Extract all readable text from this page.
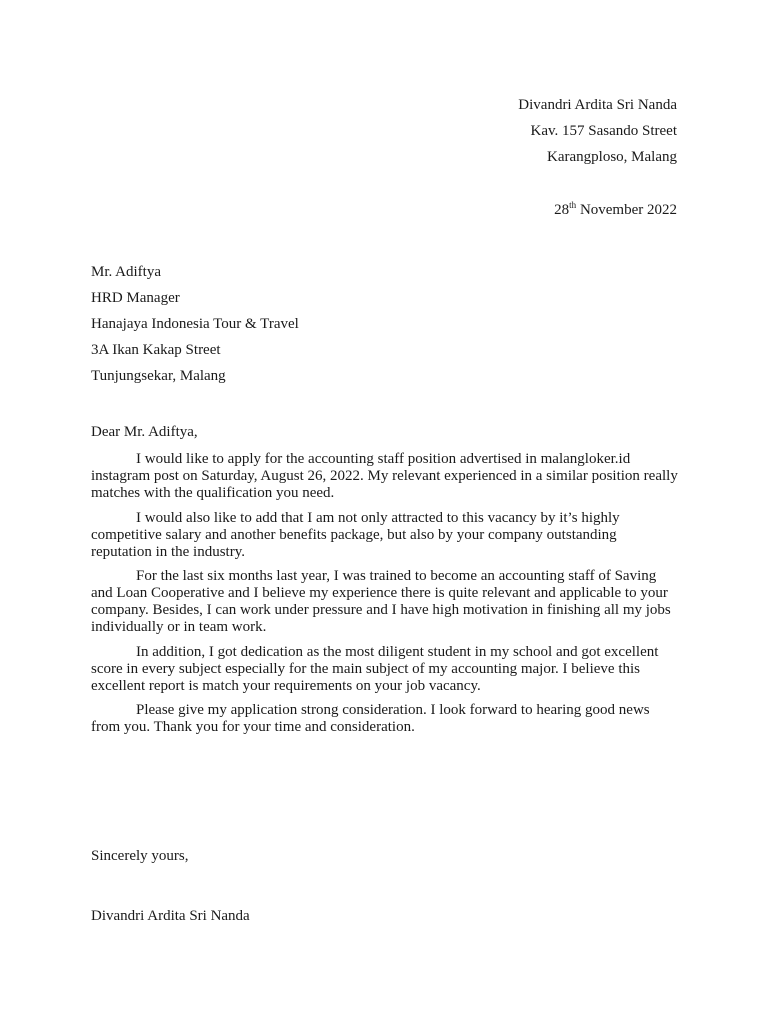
Divandri Ardita Sri Nanda
Kav. 157 Sasando Street
Karangploso, Malang
28th November 2022
Mr. Adiftya
HRD Manager
Hanajaya Indonesia Tour & Travel
3A Ikan Kakap Street
Tunjungsekar, Malang
Dear Mr. Adiftya,

I would like to apply for the accounting staff position advertised in malangloker.id instagram post on Saturday, August 26, 2022. My relevant experienced in a similar position really matches with the qualification you need.

I would also like to add that I am not only attracted to this vacancy by it’s highly competitive salary and another benefits package, but also by your company outstanding reputation in the industry.

For the last six months last year, I was trained to become an accounting staff of Saving and Loan Cooperative and I believe my experience there is quite relevant and applicable to your company. Besides, I can work under pressure and I have high motivation in finishing all my jobs individually or in team work.

In addition, I got dedication as the most diligent student in my school and got excellent score in every subject especially for the main subject of my accounting major. I believe this excellent report is match your requirements on your job vacancy.

Please give my application strong consideration. I look forward to hearing good news from you. Thank you for your time and consideration.

Sincerely yours,
Divandri Ardita Sri Nanda
